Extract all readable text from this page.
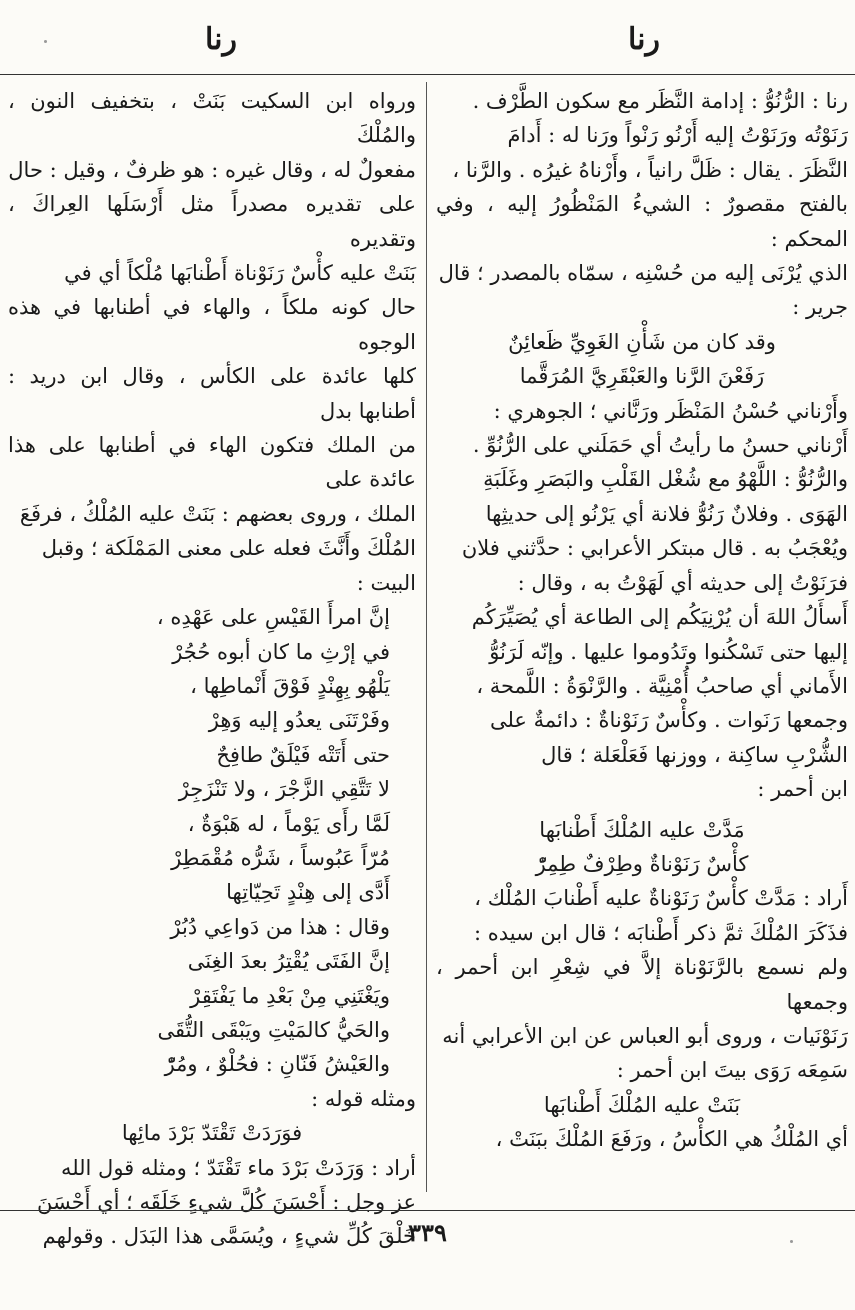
رنا	رنا
رنا : الرُّنُوُّ : إدامة النَّظَر مع سكون الطَّرْف .
رَنَوْتُه ورَنَوْتُ إليه أَرْنُو رَنْواً ورَنا له : أَدامَ
النَّظَرَ . يقال : ظَلَّ رانياً ، وأَرْناهُ غيرُه . والرَّنا ،
بالفتح مقصورٌ : الشيءُ المَنْظُورُ إليه ، وفي المحكم :
الذي يُرْنَى إليه من حُسْنِه ، سمّاه بالمصدر ؛ قال
جرير :
وقد كان من شَأْنِ الغَوِيِّ ظَعائِنٌ
رَفَعْنَ الرَّنا والعَبْقَرِيَّ المُرَقَّما
وأَرْناني حُسْنُ المَنْظَر ورَنَّاني ؛ الجوهري :
أَرْناني حسنُ ما رأيتُ أي حَمَلَني على الرُّنُوِّ .
والرُّنُوُّ : اللَّهْوُ مع شُغْل القَلْبِ والبَصَرِ وغَلَبَةِ
الهَوَى . وفلانٌ رَنُوُّ فلانة أي يَرْنُو إلى حديثِها
ويُعْجَبُ به . قال مبتكر الأعرابي : حدَّثني فلان
فرَنَوْتُ إلى حديثه أي لَهَوْتُ به ، وقال :
أَسأَلُ اللهَ أن يُرْنِيَكُم إلى الطاعة أي يُصَيِّرَكُم
إليها حتى تَسْكُنوا وتَدُوموا عليها . وإنّه لَرَنُوُّ
الأَماني أي صاحبُ أُمْنِيَّة . والرَّنْوَةُ : اللَّمحة ،
وجمعها رَنَوات . وكأْسٌ رَنَوْناةٌ : دائمةٌ على
الشُّرْبِ ساكِنة ، ووزنها فَعَلْعَلة ؛ قال
ابن أحمر :
مَدَّتْ عليه المُلْكَ أَطْنابَها
كأْسٌ رَنَوْناةٌ وطِرْفٌ طِمِرّْ
أَراد : مَدَّتْ كأْسٌ رَنَوْناةٌ عليه أَطْنابَ المُلْك ،
فذَكَرَ المُلْكَ ثمَّ ذكر أَطْنابَه ؛ قال ابن سيده :
ولم نسمع بالرَّنَوْناة إلاَّ في شِعْرِ ابن أحمر ، وجمعها
رَنَوْنَيات ، وروى أبو العباس عن ابن الأعرابي أنه
سَمِعَه رَوَى بيتَ ابن أحمر :
بَنَتْ عليه المُلْكَ أَطْنابَها
أي المُلْكُ هي الكأْسُ ، ورَفَعَ المُلْكَ ببَنَتْ ،
ورواه ابن السكيت بَنَتْ ، بتخفيف النون ، والمُلْكَ
مفعولٌ له ، وقال غيره : هو ظرفٌ ، وقيل : حال
على تقديره مصدراً مثل أَرْسَلَها العِراكَ ، وتقديره
بَنَتْ عليه كأْسٌ رَنَوْناة أَطْنابَها مُلْكاً أي في
حال كونه ملكاً ، والهاء في أطنابها في هذه الوجوه
كلها عائدة على الكأس ، وقال ابن دريد : أطنابها بدل
من الملك فتكون الهاء في أطنابها على هذا عائدة على
الملك ، وروى بعضهم : بَنَتْ عليه المُلْكُ ، فرفَعَ
المُلْكَ وأَنَّثَ فعله على معنى المَمْلَكة ؛ وقبل
البيت :
إنَّ امرأَ القَيْسِ على عَهْدِه ،
في إرْثِ ما كان أبوه حُجُرْ
يَلْهُو بِهِنْدٍ فَوْقَ أَنْماطِها ،
وفَرْتَنَى يعدُو إليه وَهِرْ
حتى أَتَتْه فَيْلَقٌ طافِحٌ
لا تَتَّقِي الزَّجْرَ ، ولا تَنْزَجِرْ
لَمَّا رأَى يَوْماً ، له هَبْوَةٌ ،
مُرّاً عَبُوساً ، شَرُّه مُقْمَطِرْ
أَدَّى إلى هِنْدٍ تَحِيّاتِها
وقال : هذا من دَواعِي دُبُرْ
إنَّ الفَتَى يُقْتِرُ بعدَ الغِنَى
ويَغْتَنِي مِنْ بَعْدِ ما يَفْتَقِرْ
والحَيُّ كالمَيْتِ ويَبْقَى التُّقَى
والعَيْشُ فَنّانِ : فحُلْوٌ ، ومُرّْ
ومثله قوله :
فوَرَدَتْ تَقْتَدّ بَرْدَ مائِها
أراد : وَرَدَتْ بَرْدَ ماء تَقْتَدّ ؛ ومثله قول الله
عز وجل : أَحْسَنَ كُلَّ شيءٍ خَلَقَه ؛ أي أَحْسَنَ
خَلْقَ كُلِّ شيءٍ ، ويُسَمَّى هذا البَدَل . وقولهم
٣٣٩
